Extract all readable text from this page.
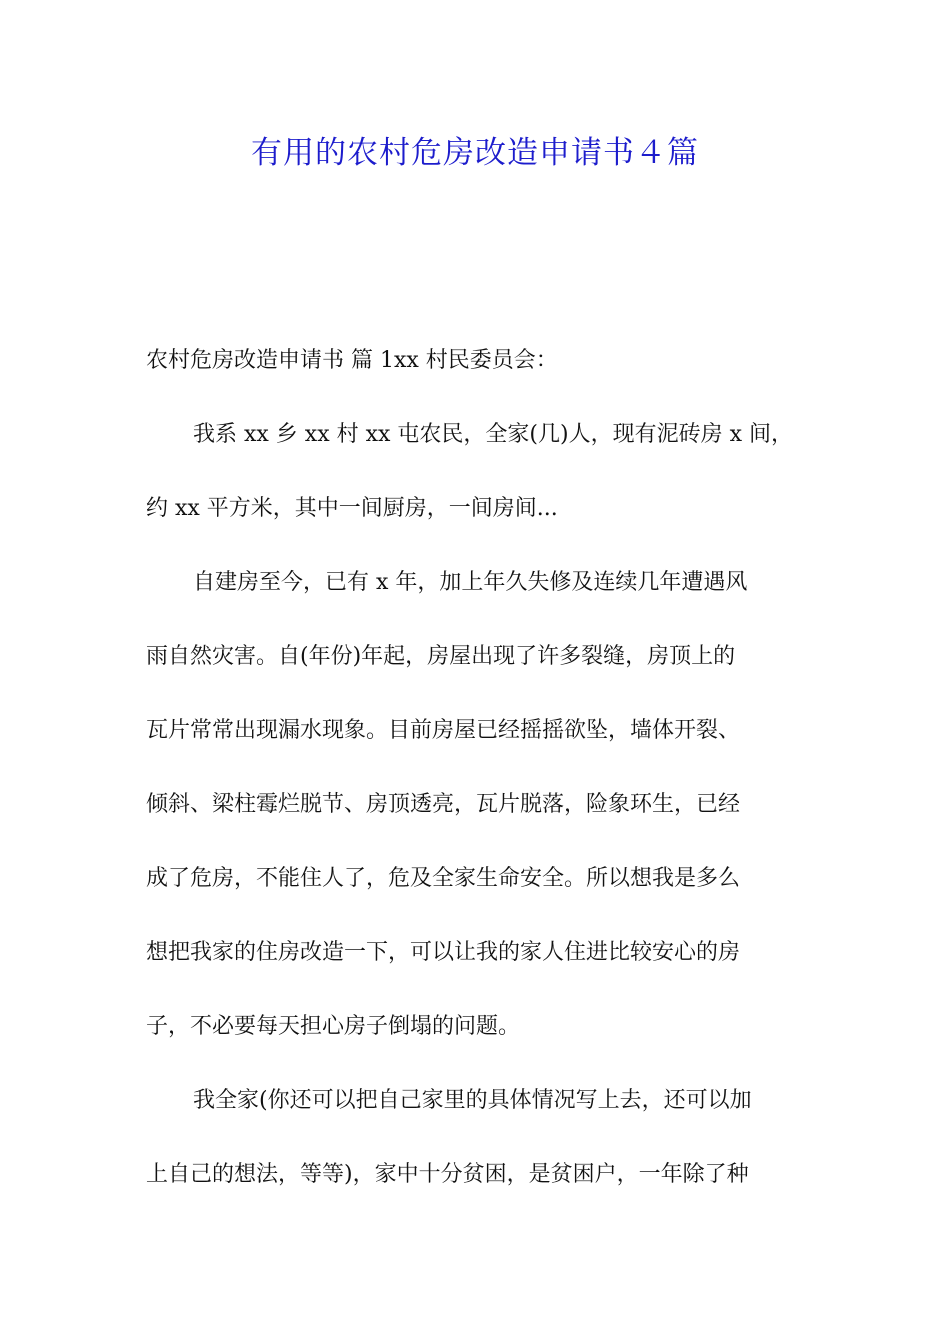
有用的农村危房改造申请书４篇
农村危房改造申请书 篇 1xx 村民委员会：
我系 xx 乡 xx 村 xx 屯农民，全家(几)人，现有泥砖房 x 间，
约 xx 平方米，其中一间厨房，一间房间...
自建房至今，已有 x 年，加上年久失修及连续几年遭遇风
雨自然灾害。自(年份)年起，房屋出现了许多裂缝，房顶上的
瓦片常常出现漏水现象。目前房屋已经摇摇欲坠，墙体开裂、
倾斜、梁柱霉烂脱节、房顶透亮，瓦片脱落，险象环生，已经
成了危房，不能住人了，危及全家生命安全。所以想我是多么
想把我家的住房改造一下，可以让我的家人住进比较安心的房
子，不必要每天担心房子倒塌的问题。
我全家(你还可以把自己家里的具体情况写上去，还可以加
上自己的想法，等等)，家中十分贫困，是贫困户，一年除了种
